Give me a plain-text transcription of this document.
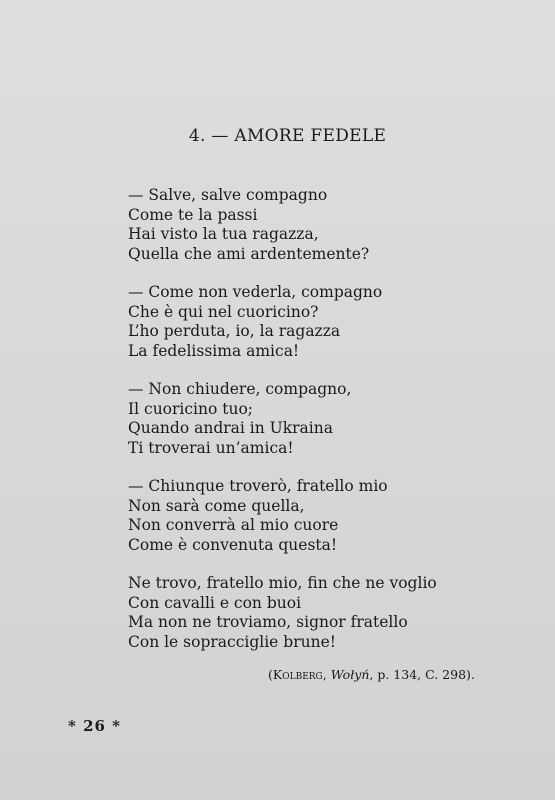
4. — AMORE FEDELE
— Salve, salve compagno
Come te la passi
Hai visto la tua ragazza,
Quella che ami ardentemente?
— Come non vederla, compagno
Che è qui nel cuoricino?
L’ho perduta, io, la ragazza
La fedelissima amica!
— Non chiudere, compagno,
Il cuoricino tuo;
Quando andrai in Ukraina
Ti troverai un’amica!
— Chiunque troverò, fratello mio
Non sarà come quella,
Non converrà al mio cuore
Come è convenuta questa!
Ne trovo, fratello mio, fin che ne voglio
Con cavalli e con buoi
Ma non ne troviamo, signor fratello
Con le sopracciglie brune!
(Kolberg, Wołyń, p. 134, C. 298).
* 26 *
